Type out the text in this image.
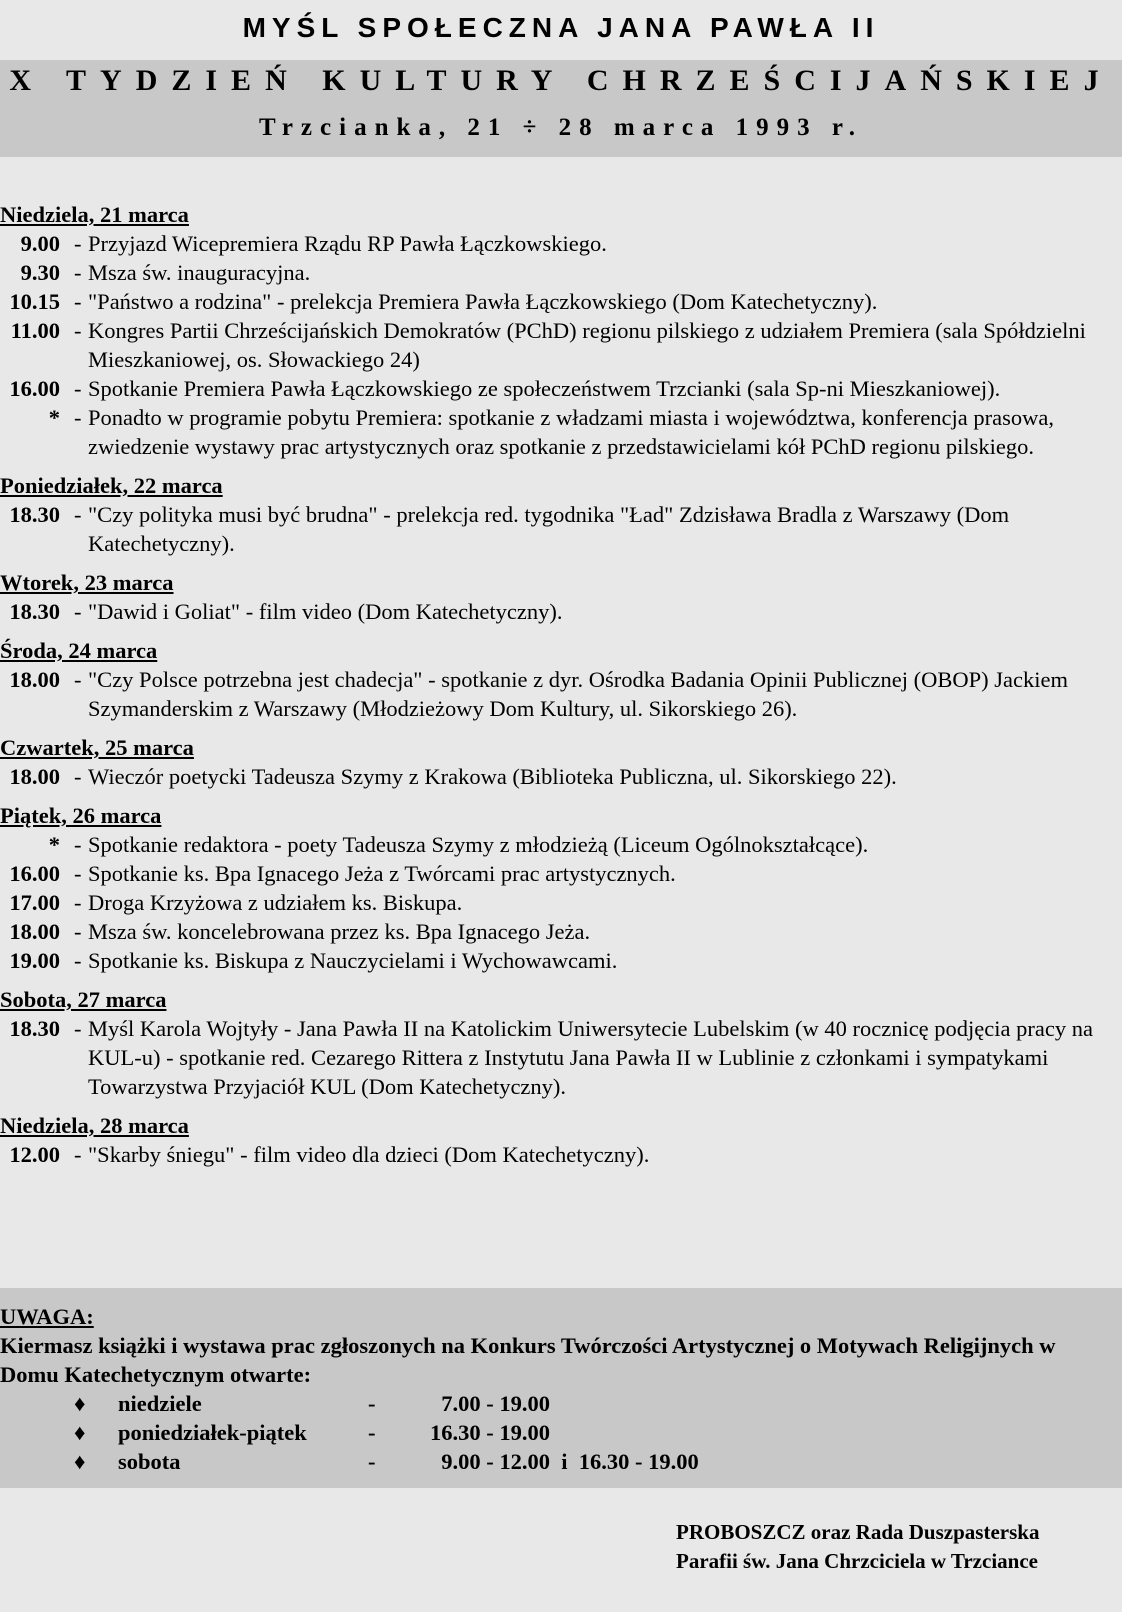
MYŚL SPOŁECZNA JANA PAWŁA II
X TYDZIEŃ KULTURY CHRZEŚCIJAŃSKIEJ
Trzcianka, 21 ÷ 28 marca 1993 r.
Niedziela, 21 marca
9.00 - Przyjazd Wicepremiera Rządu RP Pawła Łączkowskiego.
9.30 - Msza św. inauguracyjna.
10.15 - "Państwo a rodzina" - prelekcja Premiera Pawła Łączkowskiego (Dom Katechetyczny).
11.00 - Kongres Partii Chrześcijańskich Demokratów (PChD) regionu pilskiego z udziałem Premiera (sala Spółdzielni Mieszkaniowej, os. Słowackiego 24)
16.00 - Spotkanie Premiera Pawła Łączkowskiego ze społeczeństwem Trzcianki (sala Sp-ni Mieszkaniowej).
* - Ponadto w programie pobytu Premiera: spotkanie z władzami miasta i województwa, konferencja prasowa, zwiedzenie wystawy prac artystycznych oraz spotkanie z przedstawicielami kół PChD regionu pilskiego.
Poniedziałek, 22 marca
18.30 - "Czy polityka musi być brudna" - prelekcja red. tygodnika "Ład" Zdzisława Bradla z Warszawy (Dom Katechetyczny).
Wtorek, 23 marca
18.30 - "Dawid i Goliat" - film video (Dom Katechetyczny).
Środa, 24 marca
18.00 - "Czy Polsce potrzebna jest chadecja" - spotkanie z dyr. Ośrodka Badania Opinii Publicznej (OBOP) Jackiem Szymanderskim z Warszawy (Młodzieżowy Dom Kultury, ul. Sikorskiego 26).
Czwartek, 25 marca
18.00 - Wieczór poetycki Tadeusza Szymy z Krakowa (Biblioteka Publiczna, ul. Sikorskiego 22).
Piątek, 26 marca
* - Spotkanie redaktora - poety Tadeusza Szymy z młodzieżą (Liceum Ogólnokształcące).
16.00 - Spotkanie ks. Bpa Ignacego Jeża z Twórcami prac artystycznych.
17.00 - Droga Krzyżowa z udziałem ks. Biskupa.
18.00 - Msza św. koncelebrowana przez ks. Bpa Ignacego Jeża.
19.00 - Spotkanie ks. Biskupa z Nauczycielami i Wychowawcami.
Sobota, 27 marca
18.30 - Myśl Karola Wojtyły - Jana Pawła II na Katolickim Uniwersytecie Lubelskim (w 40 rocznicę podjęcia pracy na KUL-u) - spotkanie red. Cezarego Rittera z Instytutu Jana Pawła II w Lublinie z członkami i sympatykami Towarzystwa Przyjaciół KUL (Dom Katechetyczny).
Niedziela, 28 marca
12.00 - "Skarby śniegu" - film video dla dzieci (Dom Katechetyczny).
UWAGA:
Kiermasz książki i wystawa prac zgłoszonych na Konkurs Twórczości Artystycznej o Motywach Religijnych w Domu Katechetycznym otwarte:
♦ niedziele	- 7.00 - 19.00
♦ poniedziałek-piątek	- 16.30 - 19.00
♦ sobota	- 9.00 - 12.00  i  16.30 - 19.00
PROBOSZCZ oraz Rada Duszpasterska
Parafii św. Jana Chrzciciela w Trzciance
